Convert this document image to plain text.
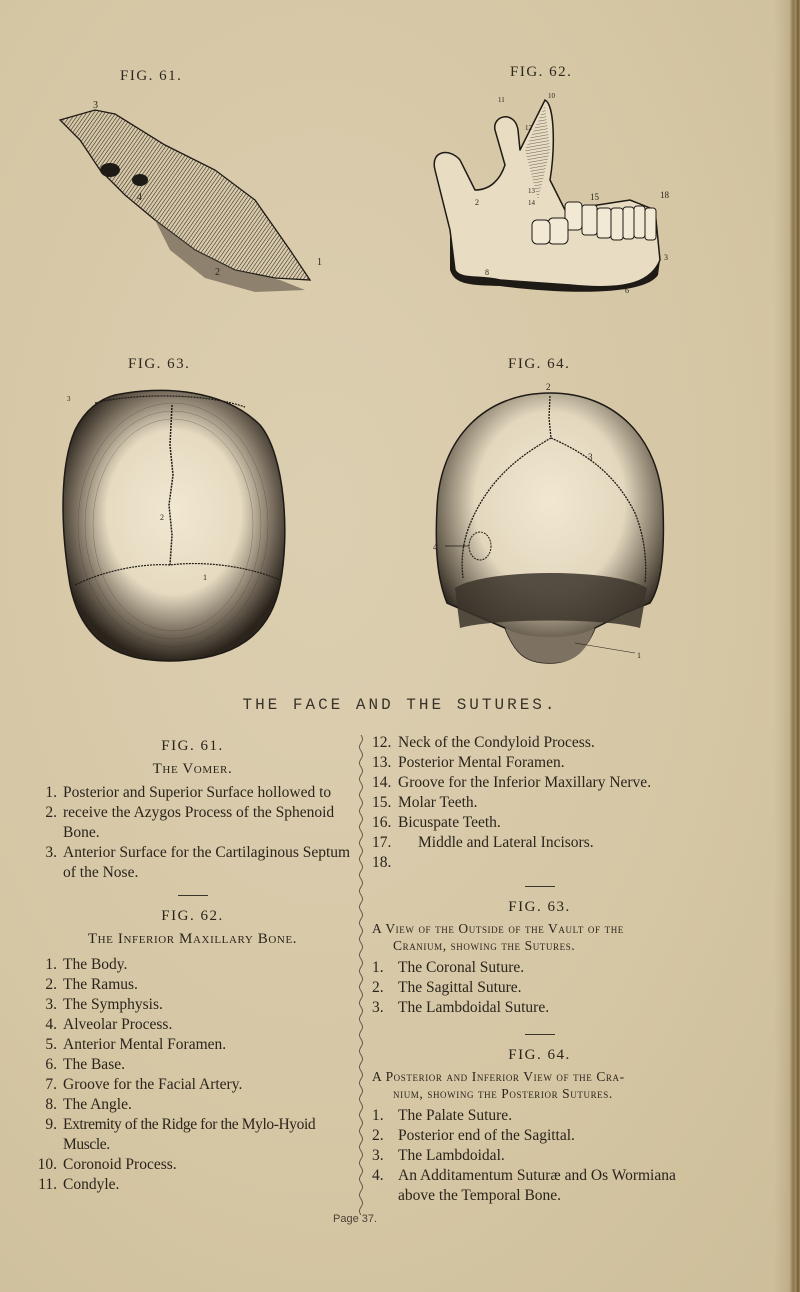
FIG. 61.
3
4
2
1
FIG. 62.
11	10
12
2
13
14
15	18
3
8
7
6
FIG. 63.
3
2
1
FIG. 64.
2
3
4
1
THE FACE AND THE SUTURES.
FIG. 61.
The Vomer.
1. 2.
Posterior and Superior Surface hollowed to receive the Azygos Process of the Sphenoid Bone.
3. Anterior Surface for the Cartilaginous Septum of the Nose.
FIG. 62.
The Inferior Maxillary Bone.
1. The Body.
2. The Ramus.
3. The Symphysis.
4. Alveolar Process.
5. Anterior Mental Foramen.
6. The Base.
7. Groove for the Facial Artery.
8. The Angle.
9. Extremity of the Ridge for the Mylo-Hyoid Muscle.
10. Coronoid Process.
11. Condyle.
12. Neck of the Condyloid Process.
13. Posterior Mental Foramen.
14. Groove for the Inferior Maxillary Nerve.
15. Molar Teeth.
16. Bicuspate Teeth.
17. 18.
Middle and Lateral Incisors.
FIG. 63.
A View of the Outside of the Vault of the
Cranium, showing the Sutures.
1. The Coronal Suture.
2. The Sagittal Suture.
3. The Lambdoidal Suture.
FIG. 64.
A Posterior and Inferior View of the Cra-
nium, showing the Posterior Sutures.
1. The Palate Suture.
2. Posterior end of the Sagittal.
3. The Lambdoidal.
4. An Additamentum Suturæ and Os Wormiana above the Temporal Bone.
Page 37.
